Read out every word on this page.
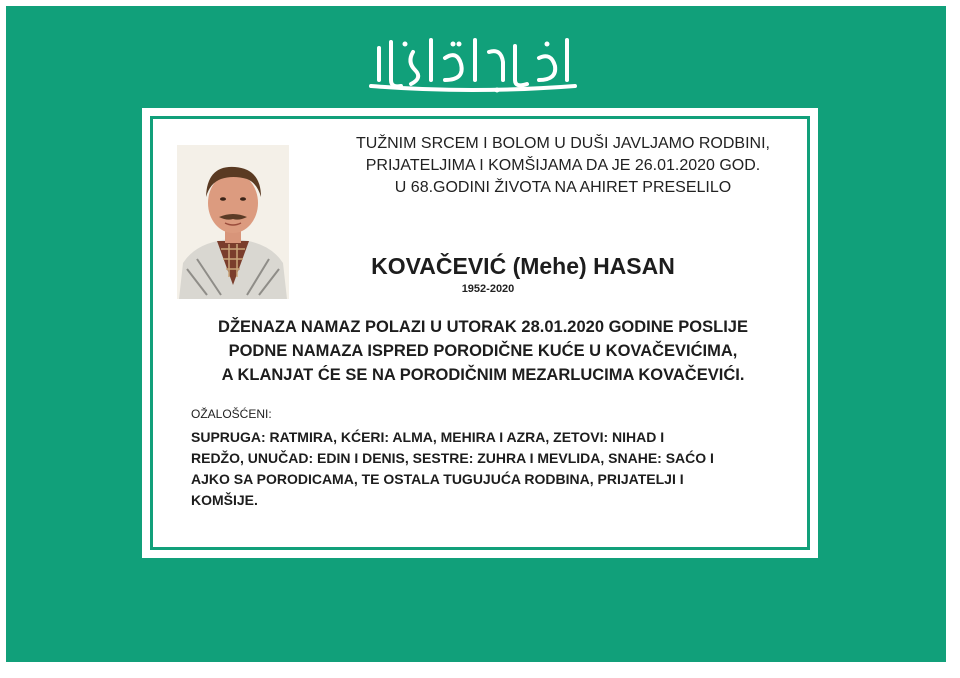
TUŽNIM SRCEM I BOLOM U DUŠI JAVLJAMO RODBINI,
PRIJATELJIMA I KOMŠIJAMA DA JE 26.01.2020 GOD.
U 68.GODINI ŽIVOTA NA AHIRET PRESELILO
KOVAČEVIĆ (Mehe) HASAN
1952-2020
DŽENAZA NAMAZ POLAZI U UTORAK 28.01.2020 GODINE POSLIJE
PODNE NAMAZA ISPRED PORODIČNE KUĆE U KOVAČEVIĆIMA,
A KLANJAT ĆE SE NA PORODIČNIM MEZARLUCIMA KOVAČEVIĆI.
OŽALOŠĆENI:
SUPRUGA: RATMIRA, KĆERI: ALMA, MEHIRA I AZRA, ZETOVI: NIHAD I
REDŽO, UNUČAD: EDIN I DENIS, SESTRE: ZUHRA I MEVLIDA, SNAHE: SAĆO I
AJKO SA PORODICAMA, TE OSTALA TUGUJUĆA RODBINA, PRIJATELJI I
KOMŠIJE.
